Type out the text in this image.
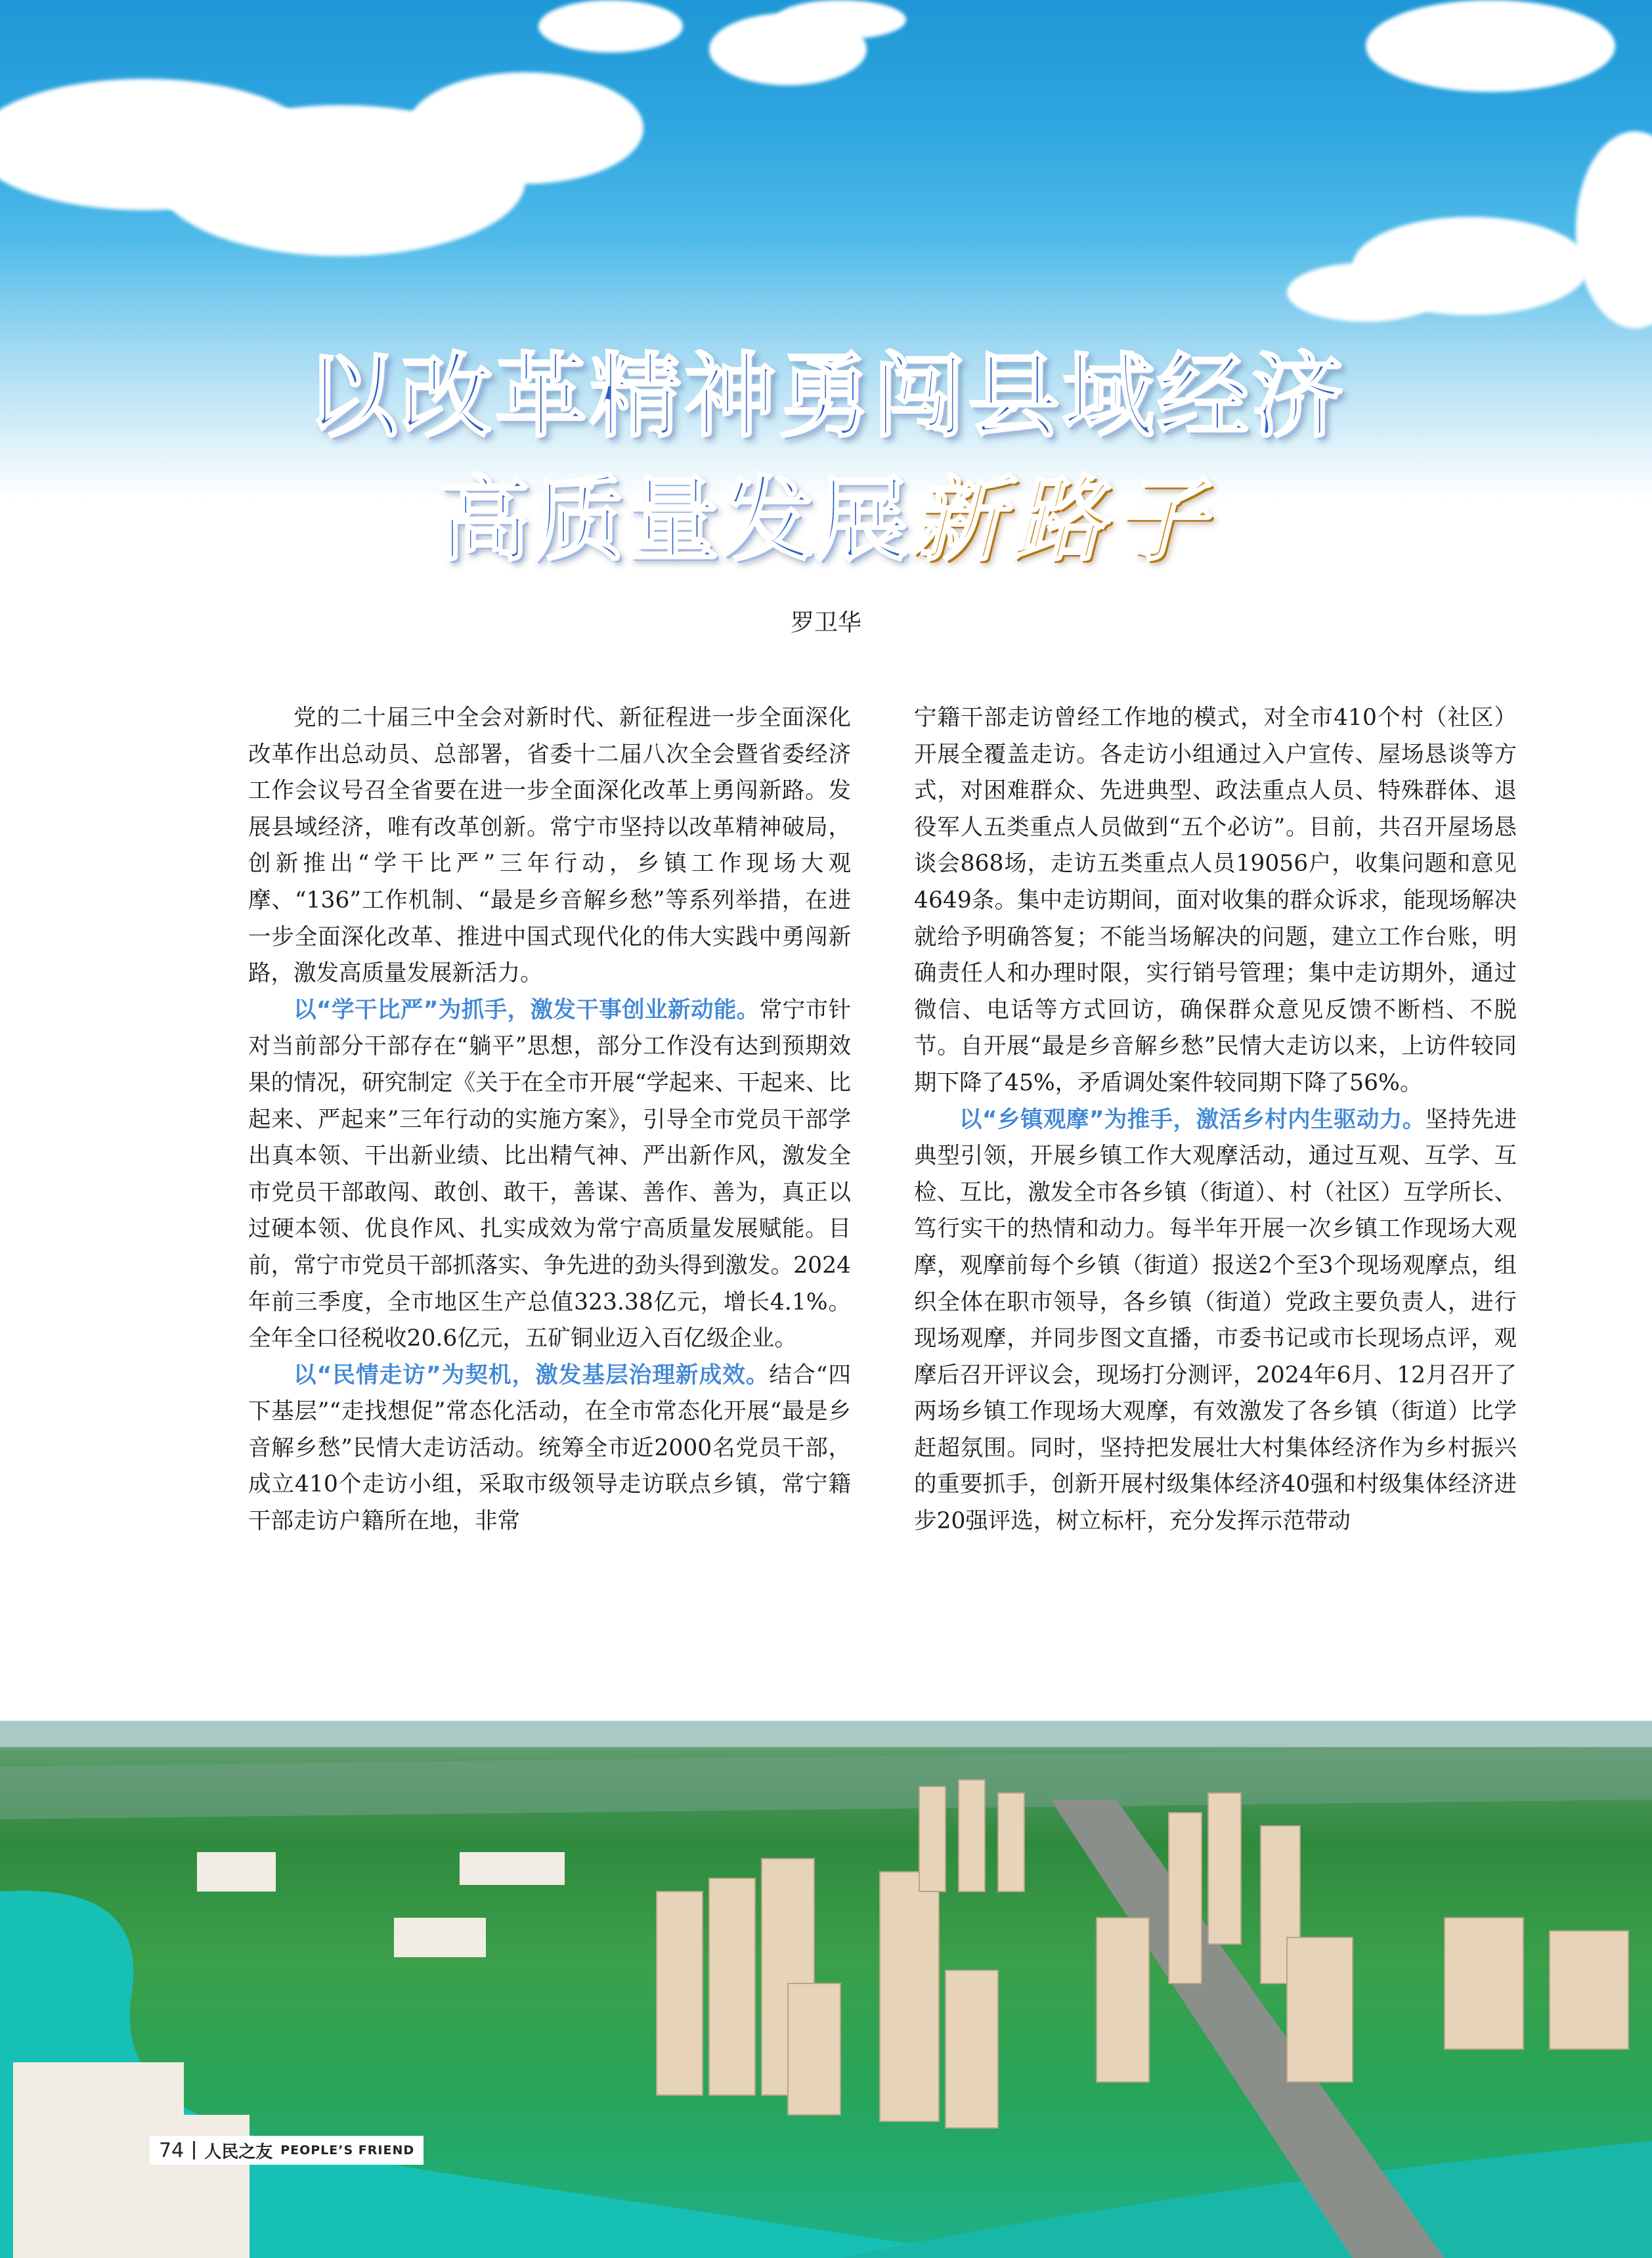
以改革精神勇闯县域经济
高质量发展新路子
罗卫华

党的二十届三中全会对新时代、新征程进一步全面深化改革作出总动员、总部署，省委十二届八次全会暨省委经济工作会议号召全省要在进一步全面深化改革上勇闯新路。发展县域经济，唯有改革创新。常宁市坚持以改革精神破局，创新推出“学干比严”三年行动，乡镇工作现场大观摩、“136”工作机制、“最是乡音解乡愁”等系列举措，在进一步全面深化改革、推进中国式现代化的伟大实践中勇闯新路，激发高质量发展新活力。

以“学干比严”为抓手，激发干事创业新动能。常宁市针对当前部分干部存在“躺平”思想，部分工作没有达到预期效果的情况，研究制定《关于在全市开展“学起来、干起来、比起来、严起来”三年行动的实施方案》，引导全市党员干部学出真本领、干出新业绩、比出精气神、严出新作风，激发全市党员干部敢闯、敢创、敢干，善谋、善作、善为，真正以过硬本领、优良作风、扎实成效为常宁高质量发展赋能。目前，常宁市党员干部抓落实、争先进的劲头得到激发。2024年前三季度，全市地区生产总值323.38亿元，增长4.1%。全年全口径税收20.6亿元，五矿铜业迈入百亿级企业。

以“民情走访”为契机，激发基层治理新成效。结合“四下基层”“走找想促”常态化活动，在全市常态化开展“最是乡音解乡愁”民情大走访活动。统筹全市近2000名党员干部，成立410个走访小组，采取市级领导走访联点乡镇，常宁籍干部走访户籍所在地，非常

宁籍干部走访曾经工作地的模式，对全市410个村（社区）开展全覆盖走访。各走访小组通过入户宣传、屋场恳谈等方式，对困难群众、先进典型、政法重点人员、特殊群体、退役军人五类重点人员做到“五个必访”。目前，共召开屋场恳谈会868场，走访五类重点人员19056户，收集问题和意见4649条。集中走访期间，面对收集的群众诉求，能现场解决就给予明确答复；不能当场解决的问题，建立工作台账，明确责任人和办理时限，实行销号管理；集中走访期外，通过微信、电话等方式回访，确保群众意见反馈不断档、不脱节。自开展“最是乡音解乡愁”民情大走访以来，上访件较同期下降了45%，矛盾调处案件较同期下降了56%。

以“乡镇观摩”为推手，激活乡村内生驱动力。坚持先进典型引领，开展乡镇工作大观摩活动，通过互观、互学、互检、互比，激发全市各乡镇（街道）、村（社区）互学所长、笃行实干的热情和动力。每半年开展一次乡镇工作现场大观摩，观摩前每个乡镇（街道）报送2个至3个现场观摩点，组织全体在职市领导，各乡镇（街道）党政主要负责人，进行现场观摩，并同步图文直播，市委书记或市长现场点评，观摩后召开评议会，现场打分测评，2024年6月、12月召开了两场乡镇工作现场大观摩，有效激发了各乡镇（街道）比学赶超氛围。同时，坚持把发展壮大村集体经济作为乡村振兴的重要抓手，创新开展村级集体经济40强和村级集体经济进步20强评选，树立标杆，充分发挥示范带动

74 人民之友 PEOPLE’S FRIEND
